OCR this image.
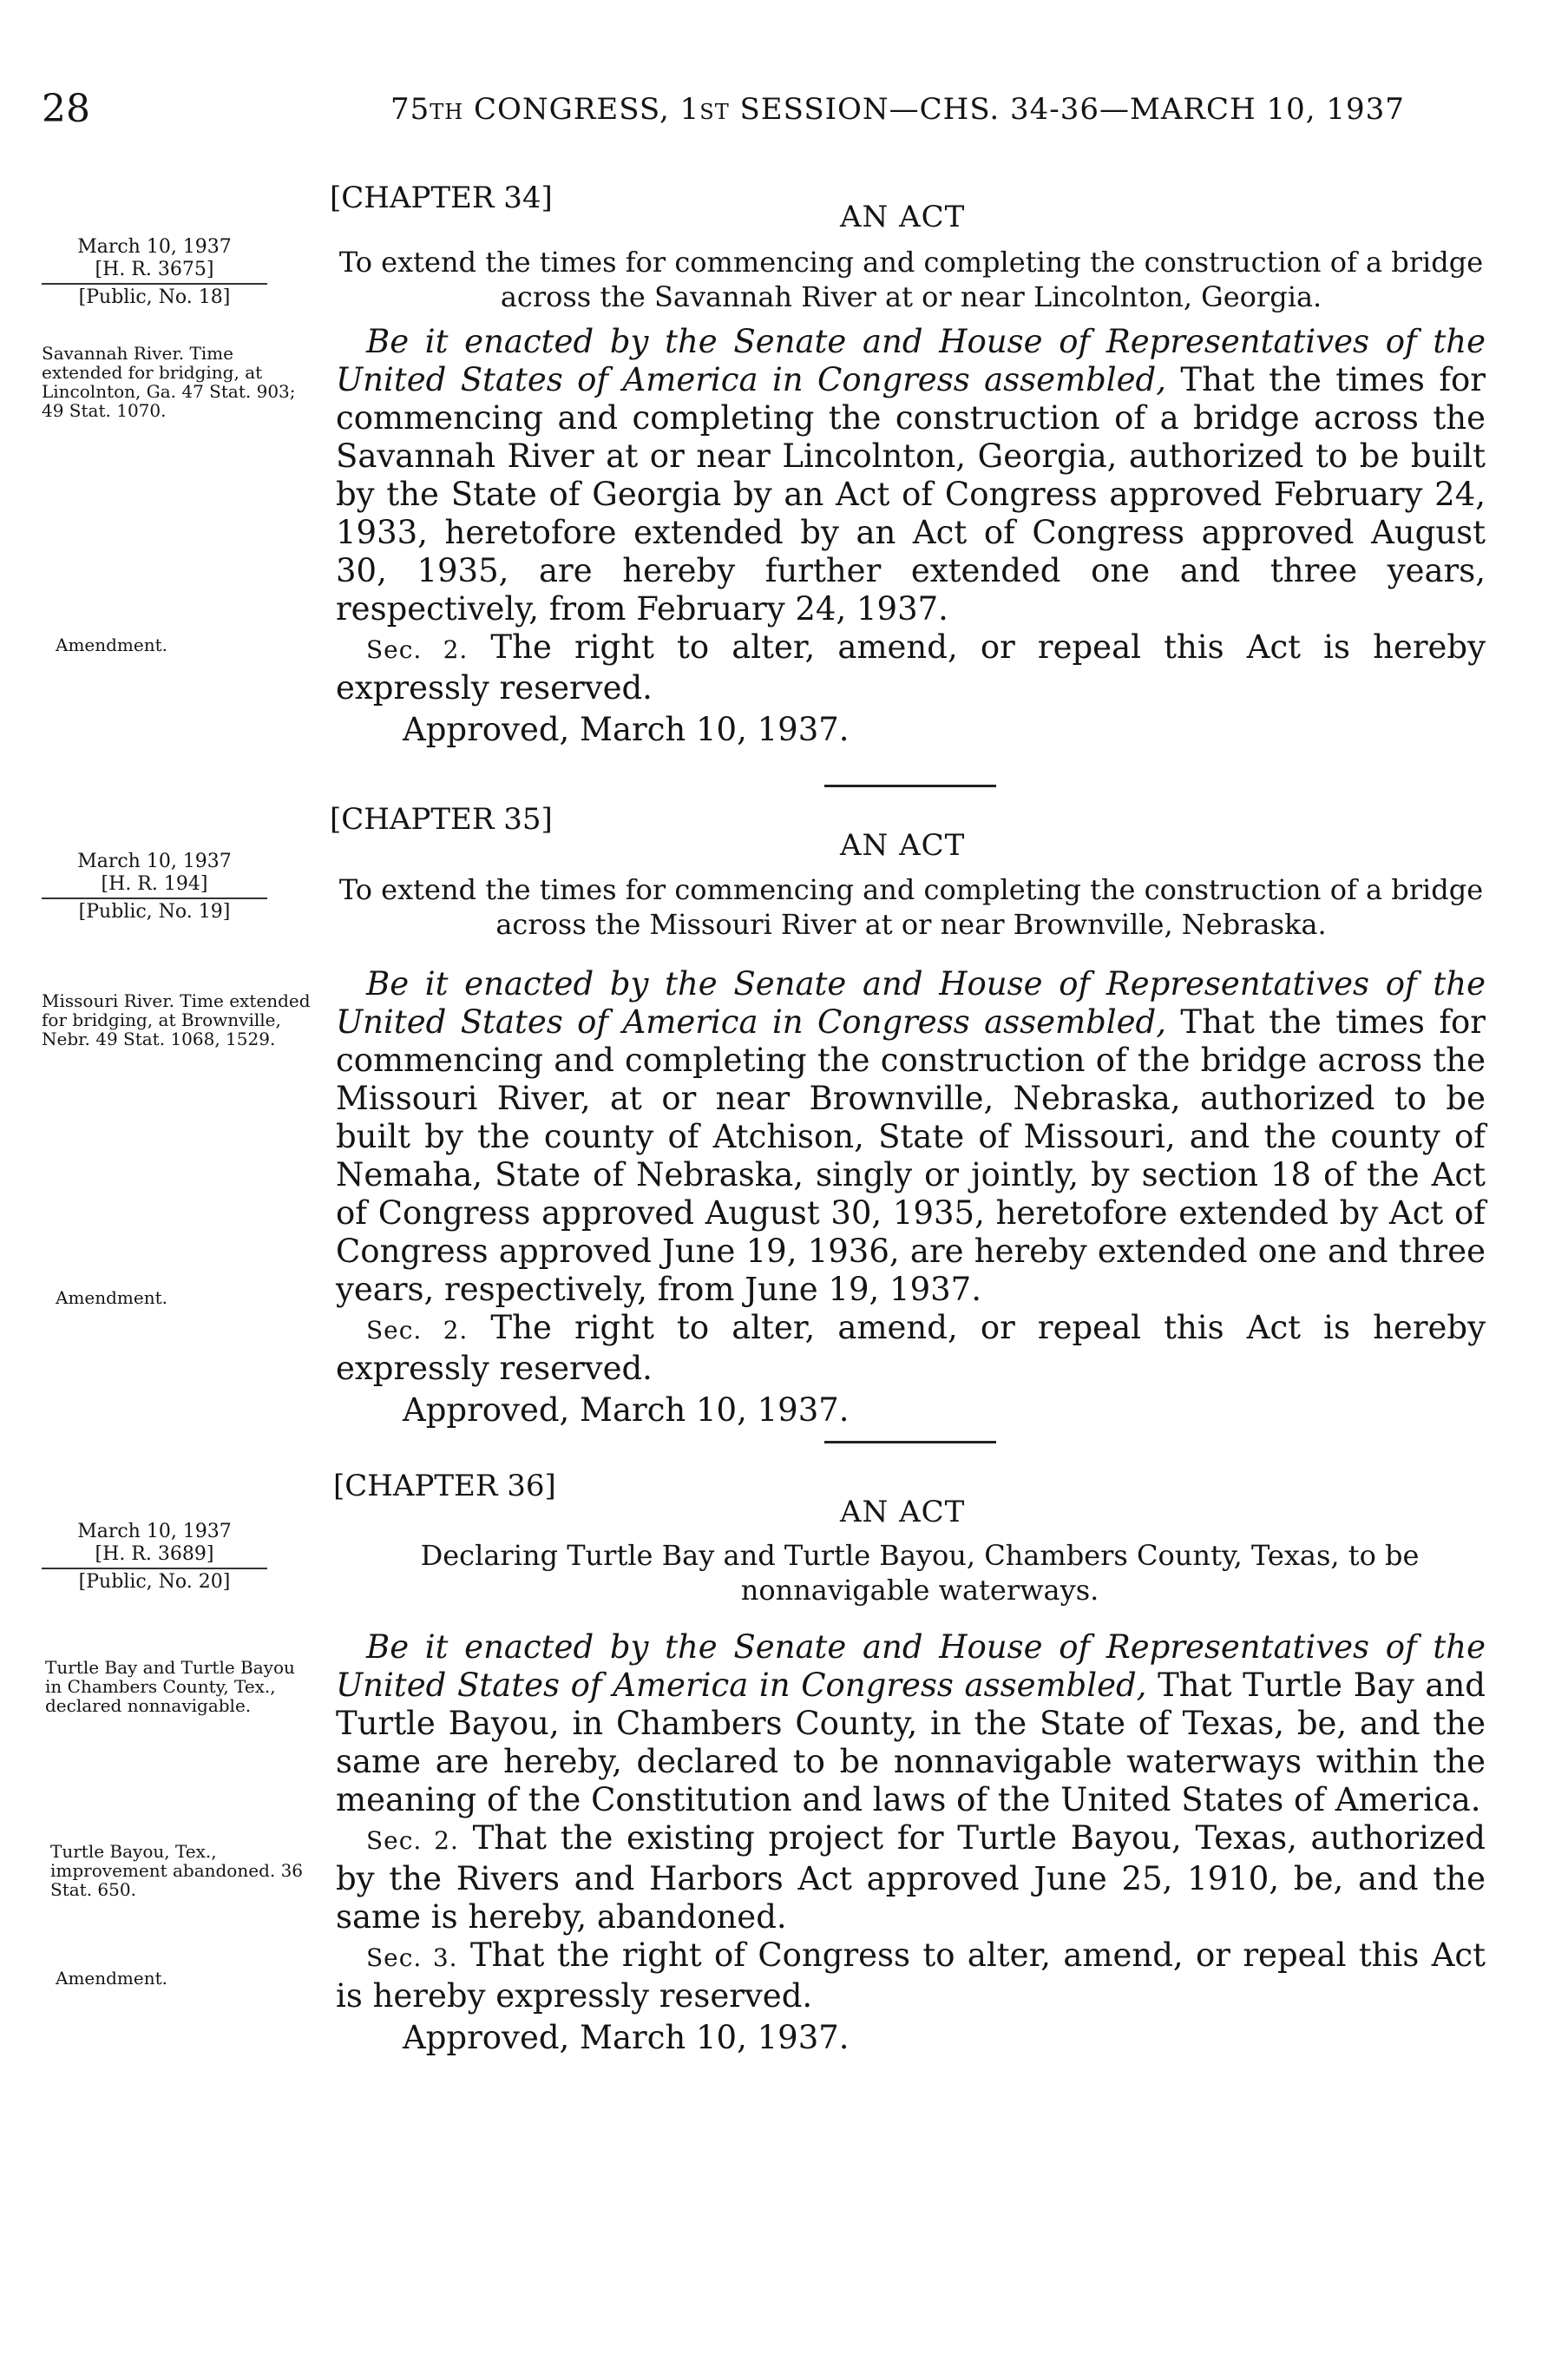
28	75TH CONGRESS, 1ST SESSION—CHS. 34-36—MARCH 10, 1937
[CHAPTER 34]
AN ACT
March 10, 1937
[H. R. 3675]
[Public, No. 18]
To extend the times for commencing and completing the construction of a bridge across the Savannah River at or near Lincolnton, Georgia.
Savannah River. Time extended for bridging, at Lincolnton, Ga. 47 Stat. 903; 49 Stat. 1070.
Amendment.

Be it enacted by the Senate and House of Representatives of the United States of America in Congress assembled, That the times for commencing and completing the construction of a bridge across the Savannah River at or near Lincolnton, Georgia, authorized to be built by the State of Georgia by an Act of Congress approved February 24, 1933, heretofore extended by an Act of Congress approved August 30, 1935, are hereby further extended one and three years, respectively, from February 24, 1937.

Sec. 2. The right to alter, amend, or repeal this Act is hereby expressly reserved.

Approved, March 10, 1937.

[CHAPTER 35]
AN ACT
March 10, 1937
[H. R. 194]
[Public, No. 19]
To extend the times for commencing and completing the construction of a bridge across the Missouri River at or near Brownville, Nebraska.
Missouri River. Time extended for bridging, at Brownville, Nebr. 49 Stat. 1068, 1529.
Amendment.

Be it enacted by the Senate and House of Representatives of the United States of America in Congress assembled, That the times for commencing and completing the construction of the bridge across the Missouri River, at or near Brownville, Nebraska, authorized to be built by the county of Atchison, State of Missouri, and the county of Nemaha, State of Nebraska, singly or jointly, by section 18 of the Act of Congress approved August 30, 1935, heretofore extended by Act of Congress approved June 19, 1936, are hereby extended one and three years, respectively, from June 19, 1937.

Sec. 2. The right to alter, amend, or repeal this Act is hereby expressly reserved.

Approved, March 10, 1937.

[CHAPTER 36]
AN ACT
March 10, 1937
[H. R. 3689]
[Public, No. 20]
Declaring Turtle Bay and Turtle Bayou, Chambers County, Texas, to be nonnavigable waterways.
Turtle Bay and Turtle Bayou in Chambers County, Tex., declared nonnavigable.
Turtle Bayou, Tex., improvement abandoned. 36 Stat. 650.
Amendment.

Be it enacted by the Senate and House of Representatives of the United States of America in Congress assembled, That Turtle Bay and Turtle Bayou, in Chambers County, in the State of Texas, be, and the same are hereby, declared to be nonnavigable waterways within the meaning of the Constitution and laws of the United States of America.

Sec. 2. That the existing project for Turtle Bayou, Texas, authorized by the Rivers and Harbors Act approved June 25, 1910, be, and the same is hereby, abandoned.

Sec. 3. That the right of Congress to alter, amend, or repeal this Act is hereby expressly reserved.

Approved, March 10, 1937.
